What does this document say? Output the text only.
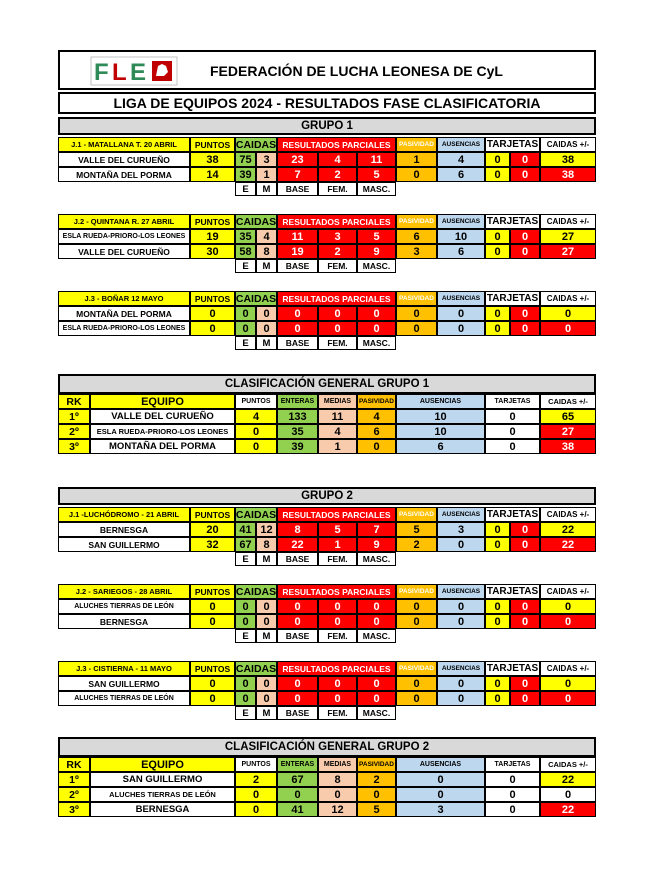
F L E	FEDERACIÓN DE LUCHA LEONESA DE CyL
LIGA DE EQUIPOS 2024 - RESULTADOS FASE CLASIFICATORIA
GRUPO 1
J.1 - MATALLANA T. 20 ABRIL	PUNTOS CAIDAS RESULTADOS PARCIALES	PASIVIDAD	AUSENCIAS TARJETAS	CAIDAS +/-
VALLE DEL CURUEÑO	38	75	3	23	4	11	1	4	0	0	38
MONTAÑA DEL PORMA	14	39	1	7	2	5	0	6	0	0	38
E	M	BASE	FEM.	MASC.
J.2 - QUINTANA R. 27 ABRIL	PUNTOS CAIDAS RESULTADOS PARCIALES	PASIVIDAD	AUSENCIAS TARJETAS	CAIDAS +/-
ESLA RUEDA-PRIORO-LOS LEONES	19	35	4	11	3	5	6	10	0	0	27
VALLE DEL CURUEÑO	30	58	8	19	2	9	3	6	0	0	27
E	M	BASE	FEM.	MASC.
J.3 - BOÑAR 12 MAYO	PUNTOS CAIDAS RESULTADOS PARCIALES	PASIVIDAD	AUSENCIAS TARJETAS	CAIDAS +/-
MONTAÑA DEL PORMA	0	0	0	0	0	0	0	0	0	0	0
ESLA RUEDA-PRIORO-LOS LEONES	0	0	0	0	0	0	0	0	0	0	0
E	M	BASE	FEM.	MASC.
CLASIFICACIÓN GENERAL GRUPO 1
RK	EQUIPO	PUNTOS	ENTERAS	MEDIAS	PASIVIDAD	AUSENCIAS	TARJETAS	CAIDAS +/-
1º	VALLE DEL CURUEÑO	4	133	11	4	10	0	65
2º	ESLA RUEDA-PRIORO-LOS LEONES	0	35	4	6	10	0	27
3º	MONTAÑA DEL PORMA	0	39	1	0	6	0	38
GRUPO 2
J.1 -LUCHÓDROMO - 21 ABRIL	PUNTOS CAIDAS RESULTADOS PARCIALES	PASIVIDAD	AUSENCIAS TARJETAS	CAIDAS +/-
BERNESGA	20	41 12	8	5	7	5	3	0	0	22
SAN GUILLERMO	32	67	8	22	1	9	2	0	0	0	22
E	M	BASE	FEM.	MASC.
J.2 - SARIEGOS - 28 ABRIL	PUNTOS CAIDAS RESULTADOS PARCIALES	PASIVIDAD	AUSENCIAS TARJETAS	CAIDAS +/-
ALUCHES TIERRAS DE LEÓN	0	0	0	0	0	0	0	0	0	0	0
BERNESGA	0	0	0	0	0	0	0	0	0	0	0
E	M	BASE	FEM.	MASC.
J.3 - CISTIERNA - 11 MAYO	PUNTOS CAIDAS RESULTADOS PARCIALES	PASIVIDAD	AUSENCIAS TARJETAS	CAIDAS +/-
SAN GUILLERMO	0	0	0	0	0	0	0	0	0	0	0
ALUCHES TIERRAS DE LEÓN	0	0	0	0	0	0	0	0	0	0	0
E	M	BASE	FEM.	MASC.
CLASIFICACIÓN GENERAL GRUPO 2
RK	EQUIPO	PUNTOS	ENTERAS	MEDIAS	PASIVIDAD	AUSENCIAS	TARJETAS	CAIDAS +/-
1º	SAN GUILLERMO	2	67	8	2	0	0	22
2º	ALUCHES TIERRAS DE LEÓN	0	0	0	0	0	0	0
3º	BERNESGA	0	41	12	5	3	0	22
